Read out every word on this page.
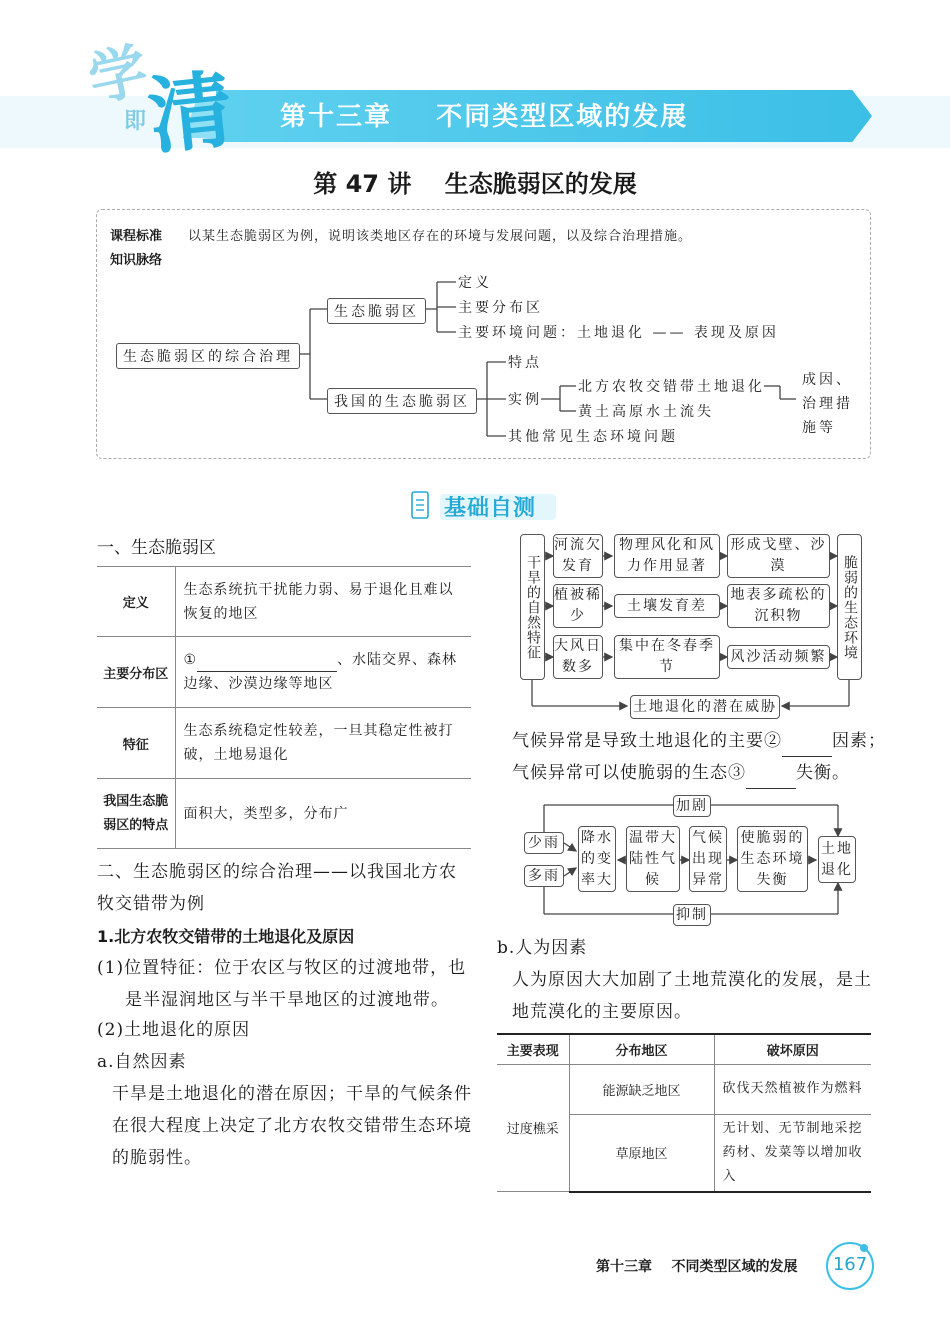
学
即
清 第十三章    不同类型区域的发展
第 47 讲    生态脆弱区的发展
课程标准 以某生态脆弱区为例，说明该类地区存在的环境与发展问题，以及综合治理措施。
知识脉络
生态脆弱区的综合治理
生态脆弱区
定义
主要分布区
主要环境问题：土地退化 —— 表现及原因
我国的生态脆弱区
特点
实例
其他常见生态环境问题
北方农牧交错带土地退化
黄土高原水土流失
成因、治理措施等
基础自测
一、生态脆弱区
定义	生态系统抗干扰能力弱、易于退化且难以恢复的地区
主要分布区	① 、水陆交界、森林边缘、沙漠边缘等地区
特征	生态系统稳定性较差，一旦其稳定性被打破，土地易退化
我国生态脆弱区的特点	面积大，类型多，分布广
二、生态脆弱区的综合治理——以我国北方农牧交错带为例
1.北方农牧交错带的土地退化及原因
(1)位置特征：位于农区与牧区的过渡地带，也是半湿润地区与半干旱地区的过渡地带。
(2)土地退化的原因
a.自然因素
干旱是土地退化的潜在原因；干旱的气候条件在很大程度上决定了北方农牧交错带生态环境的脆弱性。
干旱的自然特征	脆弱的生态环境
河流欠发育
物理风化和风力作用显著
形成戈壁、沙漠
植被稀少
土壤发育差
地表多疏松的沉积物
大风日数多
集中在冬春季节
风沙活动频繁
土地退化的潜在威胁
气候异常是导致土地退化的主要②	因素；
气候异常可以使脆弱的生态③	失衡。
加剧
抑制
少雨
多雨
降水的变率大
温带大陆性气候
气候出现异常
使脆弱的生态环境失衡
土地退化
b.人为因素
人为原因大大加剧了土地荒漠化的发展，是土地荒漠化的主要原因。
主要表现	分布地区	破坏原因
过度樵采	能源缺乏地区	砍伐天然植被作为燃料
	草原地区	无计划、无节制地采挖药材、发菜等以增加收入
第十三章    不同类型区域的发展	167
